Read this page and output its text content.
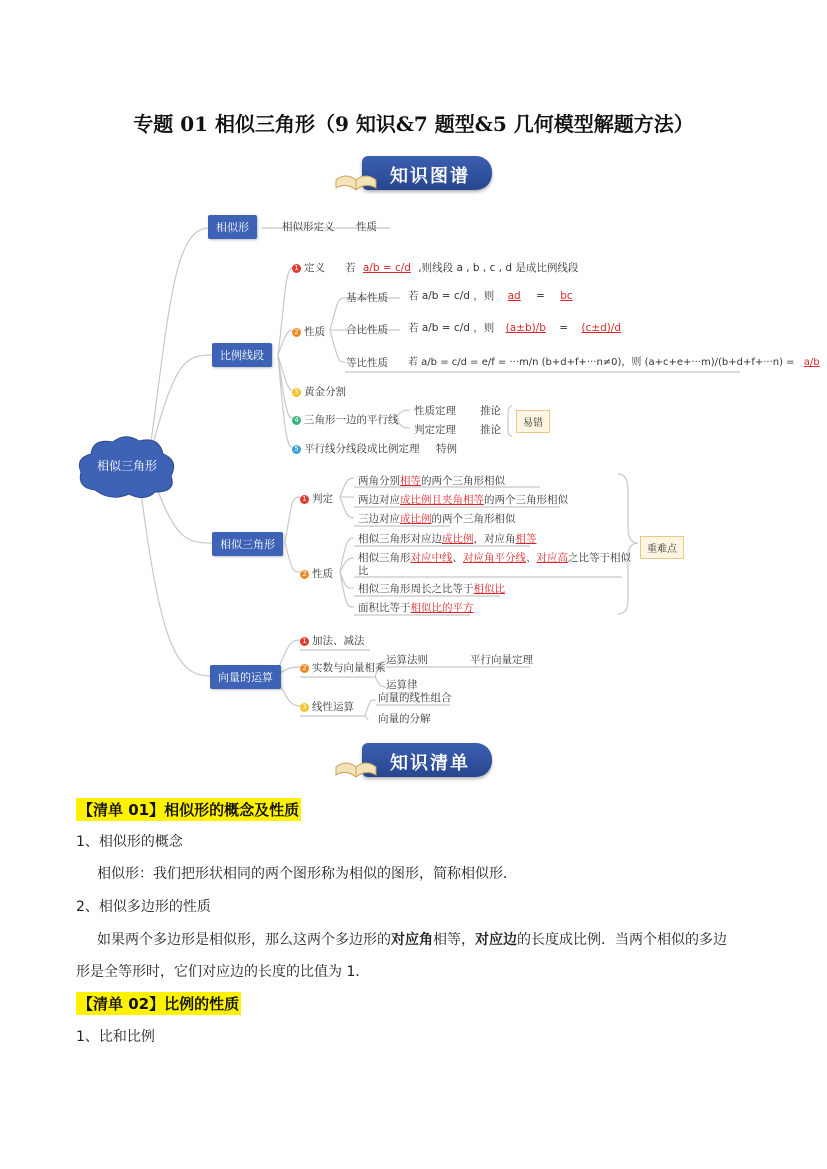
专题 01 相似三角形（9 知识&7 题型&5 几何模型解题方法）
知识图谱
相似三角形
相似形	相似形定义 性质
比例线段
1 定义 若 a/b = c/d ,则线段 a , b , c , d 是成比例线段
2 性质
基本性质 若 a/b = c/d ，则 ad = bc
合比性质 若 a/b = c/d ，则 (a±b)/b = (c±d)/d
等比性质 若 a/b = c/d = e/f = ···m/n (b+d+f+···n≠0)，则 (a+c+e+···m)/(b+d+f+···n) = a/b
3 黄金分割
4 三角形一边的平行线
性质定理 推论
判定定理 推论
易错
5 平行线分线段成比例定理 特例
相似三角形
1 判定
两角分别相等的两个三角形相似
两边对应成比例且夹角相等的两个三角形相似
三边对应成比例的两个三角形相似
2 性质
相似三角形对应边成比例，对应角相等
相似三角形对应中线、对应角平分线、对应高之比等于相似
比
相似三角形周长之比等于相似比
面积比等于相似比的平方
重难点
向量的运算
1 加法、减法
2 实数与向量相乘
运算法则	平行向量定理
运算律
3 线性运算
向量的线性组合
向量的分解
知识清单
【清单 01】相似形的概念及性质
1、相似形的概念
相似形：我们把形状相同的两个图形称为相似的图形，简称相似形．
2、相似多边形的性质
如果两个多边形是相似形，那么这两个多边形的对应角相等，对应边的长度成比例．当两个相似的多边
形是全等形时，它们对应边的长度的比值为 1．
【清单 02】比例的性质
1、比和比例
